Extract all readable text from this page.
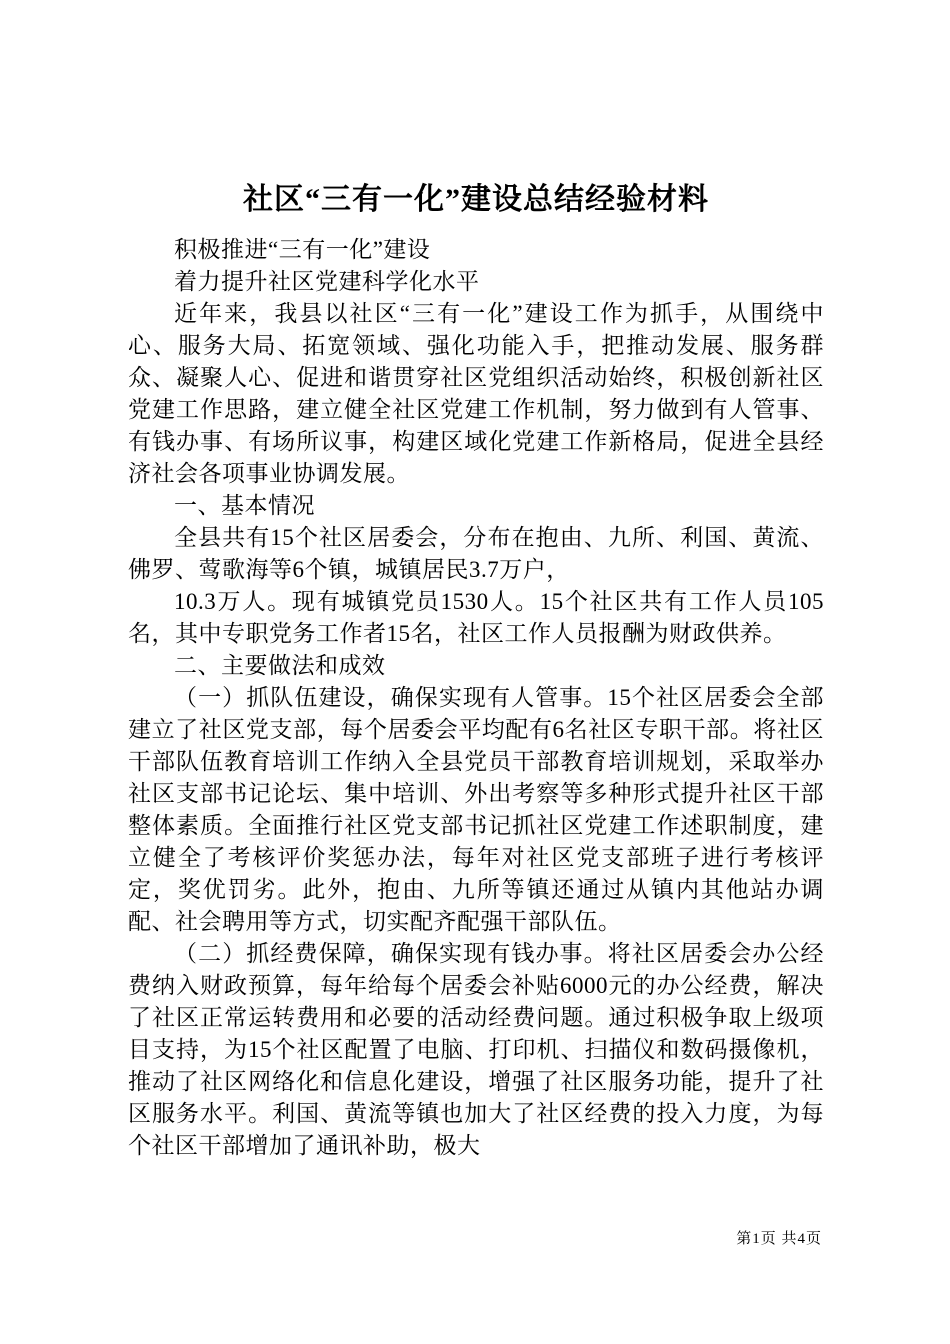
社区“三有一化”建设总结经验材料

积极推进“三有一化”建设

着力提升社区党建科学化水平

近年来，我县以社区“三有一化”建设工作为抓手，从围绕中心、服务大局、拓宽领域、强化功能入手，把推动发展、服务群众、凝聚人心、促进和谐贯穿社区党组织活动始终，积极创新社区党建工作思路，建立健全社区党建工作机制，努力做到有人管事、有钱办事、有场所议事，构建区域化党建工作新格局，促进全县经济社会各项事业协调发展。

一、基本情况

全县共有15个社区居委会，分布在抱由、九所、利国、黄流、佛罗、莺歌海等6个镇，城镇居民3.7万户，

10.3万人。现有城镇党员1530人。15个社区共有工作人员105名，其中专职党务工作者15名，社区工作人员报酬为财政供养。

二、主要做法和成效

（一）抓队伍建设，确保实现有人管事。15个社区居委会全部建立了社区党支部，每个居委会平均配有6名社区专职干部。将社区干部队伍教育培训工作纳入全县党员干部教育培训规划，采取举办社区支部书记论坛、集中培训、外出考察等多种形式提升社区干部整体素质。全面推行社区党支部书记抓社区党建工作述职制度，建立健全了考核评价奖惩办法，每年对社区党支部班子进行考核评定，奖优罚劣。此外，抱由、九所等镇还通过从镇内其他站办调配、社会聘用等方式，切实配齐配强干部队伍。

（二）抓经费保障，确保实现有钱办事。将社区居委会办公经费纳入财政预算，每年给每个居委会补贴6000元的办公经费，解决了社区正常运转费用和必要的活动经费问题。通过积极争取上级项目支持，为15个社区配置了电脑、打印机、扫描仪和数码摄像机，推动了社区网络化和信息化建设，增强了社区服务功能，提升了社区服务水平。利国、黄流等镇也加大了社区经费的投入力度，为每个社区干部增加了通讯补助，极大

第1页 共4页
